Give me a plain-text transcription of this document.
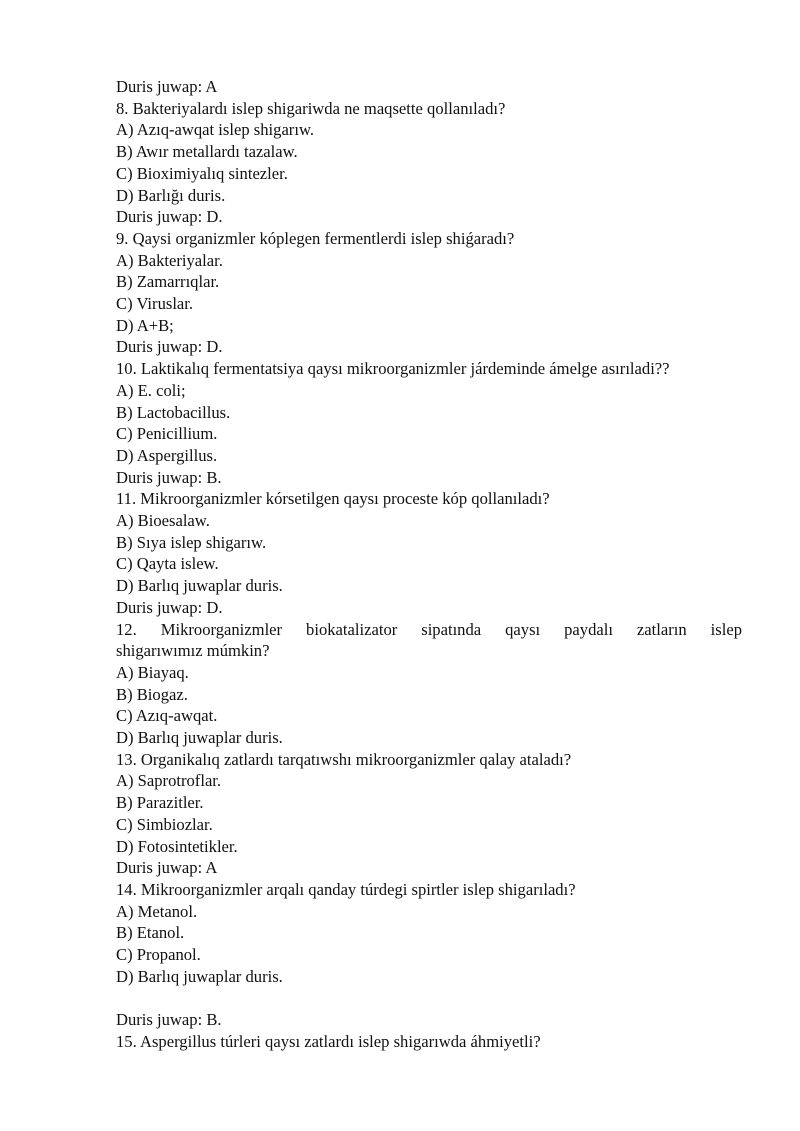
Duris juwap: A
8. Bakteriyalardı islep shigariwda ne maqsette qollanıladı?
A) Azıq-awqat islep shigarıw.
B) Awır metallardı tazalaw.
C) Bioximiyalıq sintezler.
D) Barlığı duris.
Duris juwap: D.
9. Qaysi organizmler kóplegen fermentlerdi islep shiǵaradı?
A) Bakteriyalar.
B) Zamarrıqlar.
C) Viruslar.
D) A+B;
Duris juwap: D.
10. Laktikalıq fermentatsiya qaysı mikroorganizmler járdeminde ámelge asırıladi??
A) E. coli;
B) Lactobacillus.
C) Penicillium.
D) Aspergillus.
Duris juwap: B.
11. Mikroorganizmler kórsetilgen qaysı proceste kóp qollanıladı?
A) Bioesalaw.
B) Sıya islep shigarıw.
C) Qayta islew.
D) Barlıq juwaplar duris.
Duris juwap: D.
12. Mikroorganizmler biokatalizator sipatında qaysı paydalı zatların islep
shigarıwımız múmkin?
A) Biayaq.
B) Biogaz.
C) Azıq-awqat.
D) Barlıq juwaplar duris.
13. Organikalıq zatlardı tarqatıwshı mikroorganizmler qalay ataladı?
A) Saprotroflar.
B) Parazitler.
C) Simbiozlar.
D) Fotosintetikler.
Duris juwap: A
14. Mikroorganizmler arqalı qanday túrdegi spirtler islep shigarıladı?
A) Metanol.
B) Etanol.
C) Propanol.
D) Barlıq juwaplar duris.
Duris juwap: B.
15. Aspergillus túrleri qaysı zatlardı islep shigarıwda áhmiyetli?
